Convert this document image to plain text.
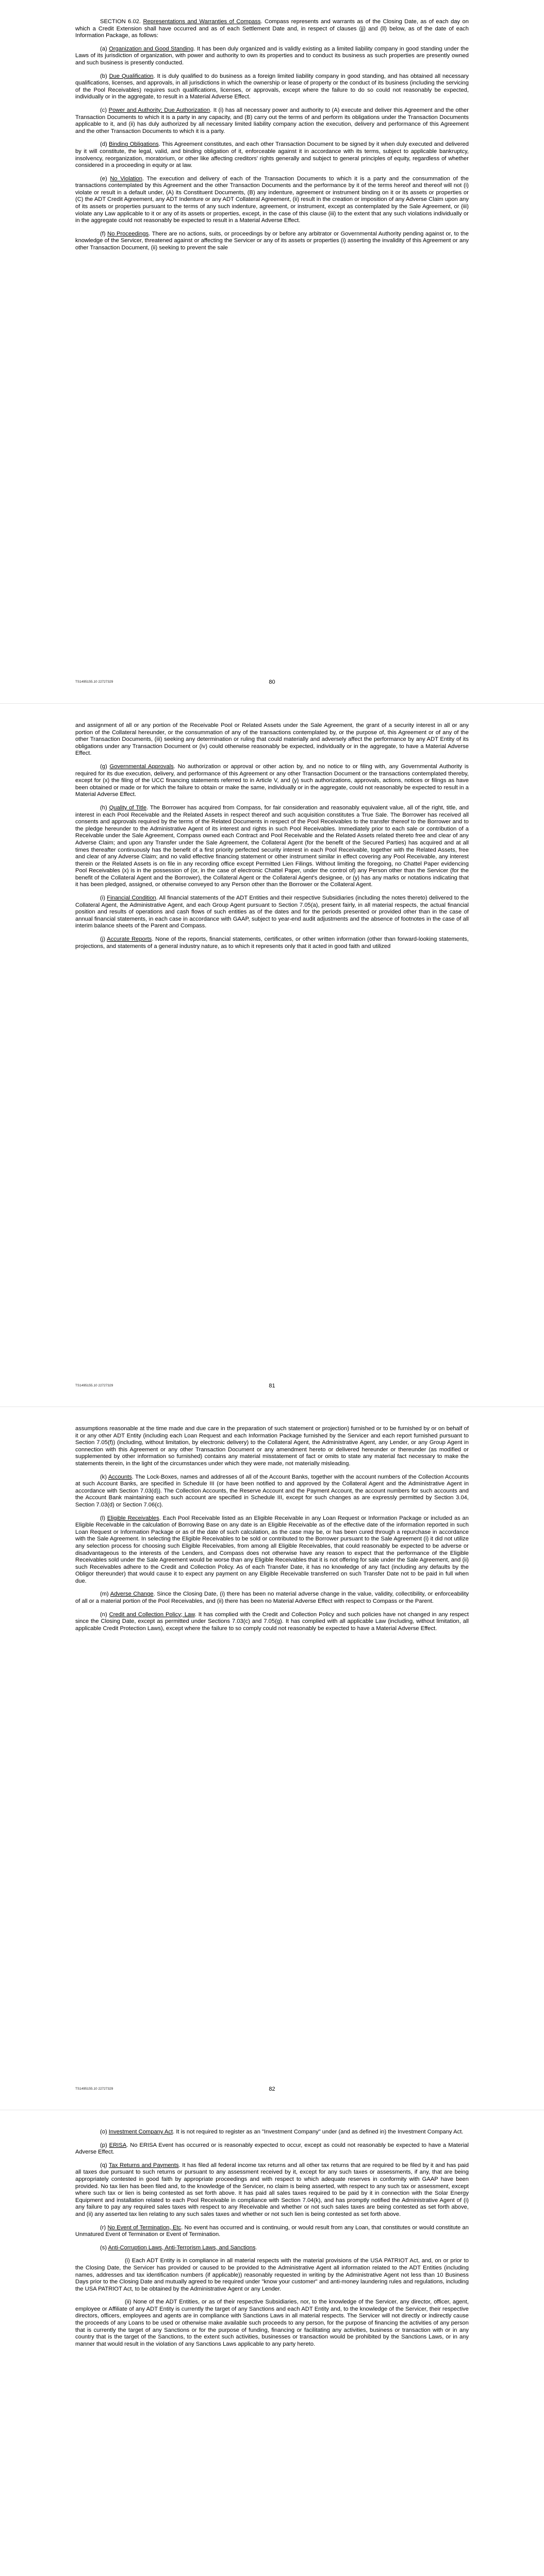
SECTION 6.02. Representations and Warranties of Compass. Compass represents and warrants as of the Closing Date, as of each day on which a Credit Extension shall have occurred and as of each Settlement Date and, in respect of clauses (jj) and (ll) below, as of the date of each Information Package, as follows:

(a) Organization and Good Standing. It has been duly organized and is validly existing as a limited liability company in good standing under the Laws of its jurisdiction of organization, with power and authority to own its properties and to conduct its business as such properties are presently owned and such business is presently conducted.

(b) Due Qualification. It is duly qualified to do business as a foreign limited liability company in good standing, and has obtained all necessary qualifications, licenses, and approvals, in all jurisdictions in which the ownership or lease of property or the conduct of its business (including the servicing of the Pool Receivables) requires such qualifications, licenses, or approvals, except where the failure to do so could not reasonably be expected, individually or in the aggregate, to result in a Material Adverse Effect.

(c) Power and Authority; Due Authorization. It (i) has all necessary power and authority to (A) execute and deliver this Agreement and the other Transaction Documents to which it is a party in any capacity, and (B) carry out the terms of and perform its obligations under the Transaction Documents applicable to it, and (ii) has duly authorized by all necessary limited liability company action the execution, delivery and performance of this Agreement and the other Transaction Documents to which it is a party.

(d) Binding Obligations. This Agreement constitutes, and each other Transaction Document to be signed by it when duly executed and delivered by it will constitute, the legal, valid, and binding obligation of it, enforceable against it in accordance with its terms, subject to applicable bankruptcy, insolvency, reorganization, moratorium, or other like affecting creditors' rights generally and subject to general principles of equity, regardless of whether considered in a proceeding in equity or at law.

(e) No Violation. The execution and delivery of each of the Transaction Documents to which it is a party and the consummation of the transactions contemplated by this Agreement and the other Transaction Documents and the performance by it of the terms hereof and thereof will not (i) violate or result in a default under, (A) its Constituent Documents, (B) any indenture, agreement or instrument binding on it or its assets or properties or (C) the ADT Credit Agreement, any ADT Indenture or any ADT Collateral Agreement, (ii) result in the creation or imposition of any Adverse Claim upon any of its assets or properties pursuant to the terms of any such indenture, agreement, or instrument, except as contemplated by the Sale Agreement, or (iii) violate any Law applicable to it or any of its assets or properties, except, in the case of this clause (iii) to the extent that any such violations individually or in the aggregate could not reasonably be expected to result in a Material Adverse Effect.

(f) No Proceedings. There are no actions, suits, or proceedings by or before any arbitrator or Governmental Authority pending against or, to the knowledge of the Servicer, threatened against or affecting the Servicer or any of its assets or properties (i) asserting the invalidity of this Agreement or any other Transaction Document, (ii) seeking to prevent the sale

TS1495155.10 22727329	80

and assignment of all or any portion of the Receivable Pool or Related Assets under the Sale Agreement, the grant of a security interest in all or any portion of the Collateral hereunder, or the consummation of any of the transactions contemplated by, or the purpose of, this Agreement or of any of the other Transaction Documents, (iii) seeking any determination or ruling that could materially and adversely affect the performance by any ADT Entity of its obligations under any Transaction Document or (iv) could otherwise reasonably be expected, individually or in the aggregate, to have a Material Adverse Effect.

(g) Governmental Approvals. No authorization or approval or other action by, and no notice to or filing with, any Governmental Authority is required for its due execution, delivery, and performance of this Agreement or any other Transaction Document or the transactions contemplated thereby, except for (x) the filing of the UCC financing statements referred to in Article V, and (y) such authorizations, approvals, actions, notices or filings as have been obtained or made or for which the failure to obtain or make the same, individually or in the aggregate, could not reasonably be expected to result in a Material Adverse Effect.

(h) Quality of Title. The Borrower has acquired from Compass, for fair consideration and reasonably equivalent value, all of the right, title, and interest in each Pool Receivable and the Related Assets in respect thereof and such acquisition constitutes a True Sale. The Borrower has received all consents and approvals required by the terms of the Related Documents in respect of the Pool Receivables to the transfer thereof to the Borrower and to the pledge hereunder to the Administrative Agent of its interest and rights in such Pool Receivables. Immediately prior to each sale or contribution of a Receivable under the Sale Agreement, Compass owned each Contract and Pool Receivable and the Related Assets related thereto free and clear of any Adverse Claim; and upon any Transfer under the Sale Agreement, the Collateral Agent (for the benefit of the Secured Parties) has acquired and at all times thereafter continuously has the benefit of a first priority perfected security interest in each Pool Receivable, together with the Related Assets, free and clear of any Adverse Claim; and no valid effective financing statement or other instrument similar in effect covering any Pool Receivable, any interest therein or the Related Assets is on file in any recording office except Permitted Lien Filings. Without limiting the foregoing, no Chattel Paper evidencing Pool Receivables (x) is in the possession of (or, in the case of electronic Chattel Paper, under the control of) any Person other than the Servicer (for the benefit of the Collateral Agent and the Borrower), the Collateral Agent or the Collateral Agent's designee, or (y) has any marks or notations indicating that it has been pledged, assigned, or otherwise conveyed to any Person other than the Borrower or the Collateral Agent.

(i) Financial Condition. All financial statements of the ADT Entities and their respective Subsidiaries (including the notes thereto) delivered to the Collateral Agent, the Administrative Agent, and each Group Agent pursuant to Section 7.05(a), present fairly, in all material respects, the actual financial position and results of operations and cash flows of such entities as of the dates and for the periods presented or provided other than in the case of annual financial statements, in each case in accordance with GAAP, subject to year-end audit adjustments and the absence of footnotes in the case of all interim balance sheets of the Parent and Compass.

(j) Accurate Reports. None of the reports, financial statements, certificates, or other written information (other than forward-looking statements, projections, and statements of a general industry nature, as to which it represents only that it acted in good faith and utilized

TS1495155.10 22727329	81

assumptions reasonable at the time made and due care in the preparation of such statement or projection) furnished or to be furnished by or on behalf of it or any other ADT Entity (including each Loan Request and each Information Package furnished by the Servicer and each report furnished pursuant to Section 7.05(f)) (including, without limitation, by electronic delivery) to the Collateral Agent, the Administrative Agent, any Lender, or any Group Agent in connection with this Agreement or any other Transaction Document or any amendment hereto or delivered hereunder or thereunder (as modified or supplemented by other information so furnished) contains any material misstatement of fact or omits to state any material fact necessary to make the statements therein, in the light of the circumstances under which they were made, not materially misleading.

(k) Accounts. The Lock-Boxes, names and addresses of all of the Account Banks, together with the account numbers of the Collection Accounts at such Account Banks, are specified in Schedule III (or have been notified to and approved by the Collateral Agent and the Administrative Agent in accordance with Section 7.03(d)). The Collection Accounts, the Reserve Account and the Payment Account, the account numbers for such accounts and the Account Bank maintaining each such account are specified in Schedule III, except for such changes as are expressly permitted by Section 3.04, Section 7.03(d) or Section 7.06(c).

(l) Eligible Receivables. Each Pool Receivable listed as an Eligible Receivable in any Loan Request or Information Package or included as an Eligible Receivable in the calculation of Borrowing Base on any date is an Eligible Receivable as of the effective date of the information reported in such Loan Request or Information Package or as of the date of such calculation, as the case may be, or has been cured through a repurchase in accordance with the Sale Agreement. In selecting the Eligible Receivables to be sold or contributed to the Borrower pursuant to the Sale Agreement (i) it did not utilize any selection process for choosing such Eligible Receivables, from among all Eligible Receivables, that could reasonably be expected to be adverse or disadvantageous to the interests of the Lenders, and Compass does not otherwise have any reason to expect that the performance of the Eligible Receivables sold under the Sale Agreement would be worse than any Eligible Receivables that it is not offering for sale under the Sale Agreement, and (ii) such Receivables adhere to the Credit and Collection Policy. As of each Transfer Date, it has no knowledge of any fact (including any defaults by the Obligor thereunder) that would cause it to expect any payment on any Eligible Receivable transferred on such Transfer Date not to be paid in full when due.

(m) Adverse Change. Since the Closing Date, (i) there has been no material adverse change in the value, validity, collectibility, or enforceability of all or a material portion of the Pool Receivables, and (ii) there has been no Material Adverse Effect with respect to Compass or the Parent.

(n) Credit and Collection Policy; Law. It has complied with the Credit and Collection Policy and such policies have not changed in any respect since the Closing Date, except as permitted under Sections 7.03(c) and 7.05(g). It has complied with all applicable Law (including, without limitation, all applicable Credit Protection Laws), except where the failure to so comply could not reasonably be expected to have a Material Adverse Effect.

TS1495155.10 22727329	82

(o) Investment Company Act. It is not required to register as an "Investment Company" under (and as defined in) the Investment Company Act.

(p) ERISA. No ERISA Event has occurred or is reasonably expected to occur, except as could not reasonably be expected to have a Material Adverse Effect.

(q) Tax Returns and Payments. It has filed all federal income tax returns and all other tax returns that are required to be filed by it and has paid all taxes due pursuant to such returns or pursuant to any assessment received by it, except for any such taxes or assessments, if any, that are being appropriately contested in good faith by appropriate proceedings and with respect to which adequate reserves in conformity with GAAP have been provided. No tax lien has been filed and, to the knowledge of the Servicer, no claim is being asserted, with respect to any such tax or assessment, except where such tax or lien is being contested as set forth above. It has paid all sales taxes required to be paid by it in connection with the Solar Energy Equipment and installation related to each Pool Receivable in compliance with Section 7.04(k), and has promptly notified the Administrative Agent of (i) any failure to pay any required sales taxes with respect to any Receivable and whether or not such sales taxes are being contested as set forth above, and (ii) any asserted tax lien relating to any such sales taxes and whether or not such lien is being contested as set forth above.

(r) No Event of Termination, Etc. No event has occurred and is continuing, or would result from any Loan, that constitutes or would constitute an Unmatured Event of Termination or Event of Termination.

(s) Anti-Corruption Laws, Anti-Terrorism Laws, and Sanctions.

(i) Each ADT Entity is in compliance in all material respects with the material provisions of the USA PATRIOT Act, and, on or prior to the Closing Date, the Servicer has provided or caused to be provided to the Administrative Agent all information related to the ADT Entities (including names, addresses and tax identification numbers (if applicable)) reasonably requested in writing by the Administrative Agent not less than 10 Business Days prior to the Closing Date and mutually agreed to be required under "know your customer" and anti-money laundering rules and regulations, including the USA PATRIOT Act, to be obtained by the Administrative Agent or any Lender.

(ii) None of the ADT Entities, or as of their respective Subsidiaries, nor, to the knowledge of the Servicer, any director, officer, agent, employee or Affiliate of any ADT Entity is currently the target of any Sanctions and each ADT Entity and, to the knowledge of the Servicer, their respective directors, officers, employees and agents are in compliance with Sanctions Laws in all material respects. The Servicer will not directly or indirectly cause the proceeds of any Loans to be used or otherwise make available such proceeds to any person, for the purpose of financing the activities of any person that is currently the target of any Sanctions or for the purpose of funding, financing or facilitating any activities, business or transaction with or in any country that is the target of the Sanctions, to the extent such activities, businesses or transaction would be prohibited by the Sanctions Laws, or in any manner that would result in the violation of any Sanctions Laws applicable to any party hereto.
